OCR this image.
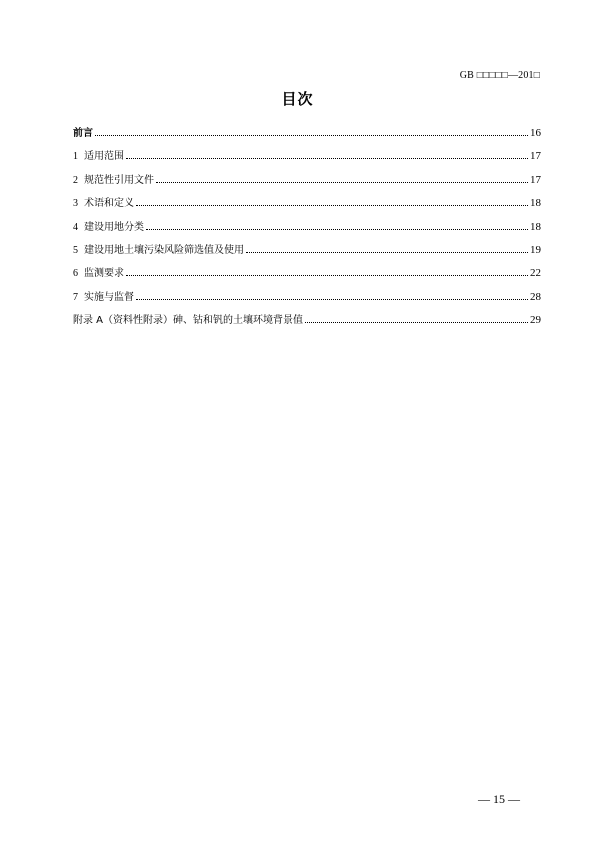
GB □□□□□—201□
目次
前言	16
1 适用范围	17
2 规范性引用文件	17
3 术语和定义	18
4 建设用地分类	18
5 建设用地土壤污染风险筛选值及使用	19
6 监测要求	22
7 实施与监督	28
附录 A（资料性附录）砷、钴和钒的土壤环境背景值	29
— 15 —
